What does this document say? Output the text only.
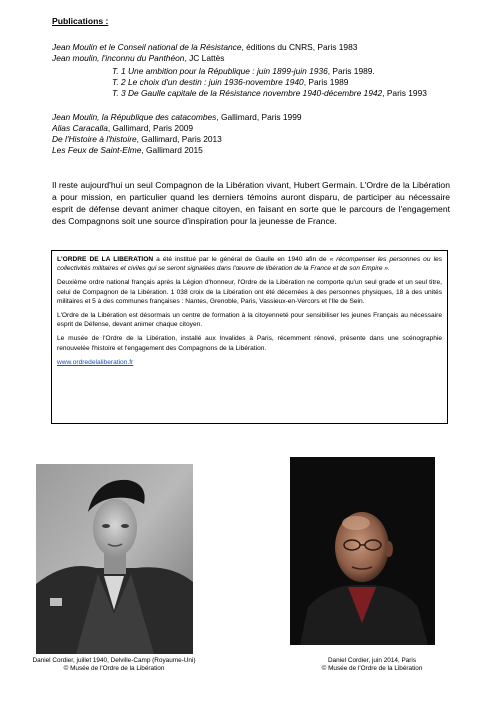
Publications :
Jean Moulin et le Conseil national de la Résistance, éditions du CNRS, Paris 1983
Jean moulin, l'inconnu du Panthéon, JC Lattès
T. 1 Une ambition pour la République : juin 1899-juin 1936, Paris 1989.
T. 2 Le choix d'un destin : juin 1936-novembre 1940, Paris 1989
T. 3 De Gaulle capitale de la Résistance novembre 1940-décembre 1942, Paris 1993
Jean Moulin, la République des catacombes, Gallimard, Paris 1999
Alias Caracalla, Gallimard, Paris 2009
De l'Histoire à l'histoire, Gallimard, Paris 2013
Les Feux de Saint-Elme, Gallimard 2015
Il reste aujourd'hui un seul Compagnon de la Libération vivant, Hubert Germain. L'Ordre de la Libération a pour mission, en particulier quand les derniers témoins auront disparu, de participer au nécessaire esprit de défense devant animer chaque citoyen, en faisant en sorte que le parcours de l'engagement des Compagnons soit une source d'inspiration pour la jeunesse de France.

L'ORDRE DE LA LIBERATION a été institué par le général de Gaulle en 1940 afin de « récompenser les personnes ou les collectivités militaires et civiles qui se seront signalées dans l'œuvre de libération de la France et de son Empire ».

Deuxième ordre national français après la Légion d'honneur, l'Ordre de la Libération ne comporte qu'un seul grade et un seul titre, celui de Compagnon de la Libération. 1 038 croix de la Libération ont été décernées à des personnes physiques, 18 à des unités militaires et 5 à des communes françaises : Nantes, Grenoble, Paris, Vassieux-en-Vercors et l'Ile de Sein.

L'Ordre de la Libération est désormais un centre de formation à la citoyenneté pour sensibiliser les jeunes Français au nécessaire esprit de Défense, devant animer chaque citoyen.

Le musée de l'Ordre de la Libération, installé aux Invalides à Paris, récemment rénové, présente dans une scénographie renouvelée l'histoire et l'engagement des Compagnons de la Libération.

www.ordredelaliberation.fr

Daniel Cordier, juillet 1940, Delville-Camp (Royaume-Uni)
© Musée de l'Ordre de la Libération
Daniel Cordier, juin 2014, Paris
© Musée de l'Ordre de la Libération
